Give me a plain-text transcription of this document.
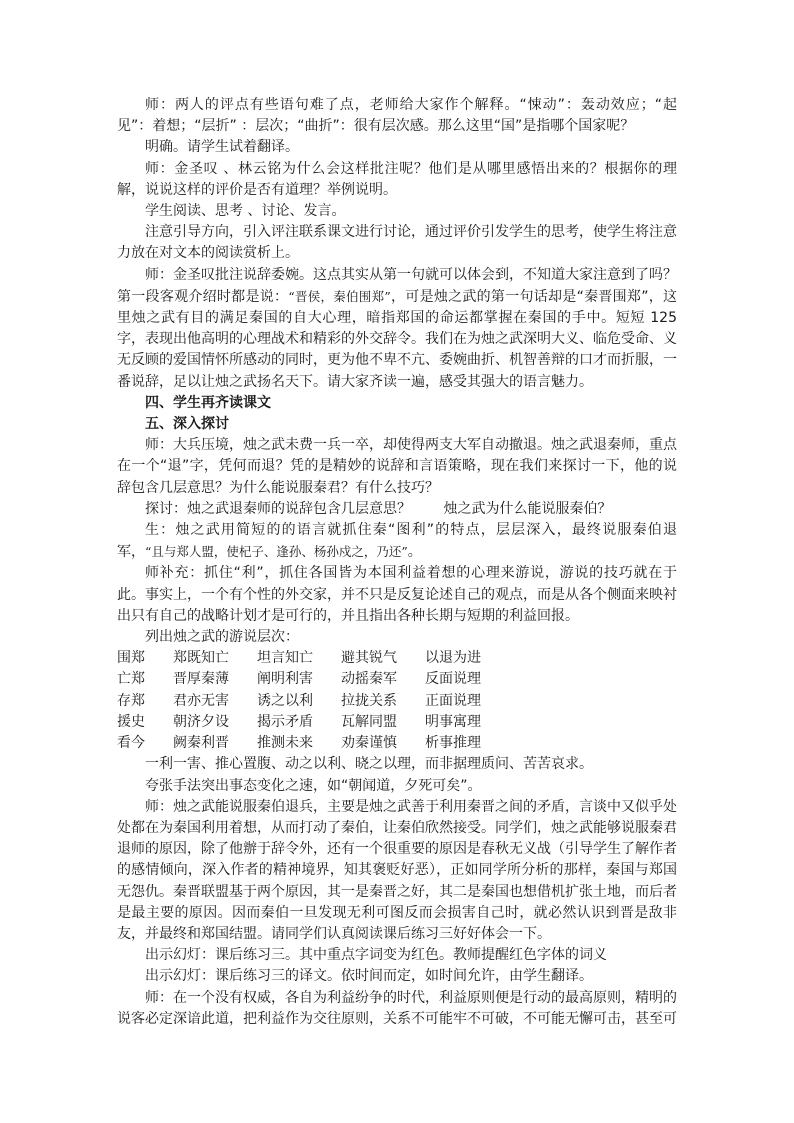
师：两人的评点有些语句难了点，老师给大家作个解释。“悚动”：轰动效应；“起见”：着想；“层折” ：层次；“曲折”：很有层次感。那么这里“国”是指哪个国家呢？

明确。请学生试着翻译。

师：金圣叹 、林云铭为什么会这样批注呢？他们是从哪里感悟出来的？根据你的理解，说说这样的评价是否有道理？举例说明。

学生阅读、思考 、讨论、发言。

注意引导方向，引入评注联系课文进行讨论，通过评价引发学生的思考，使学生将注意力放在对文本的阅读赏析上。

师：金圣叹批注说辞委婉。这点其实从第一句就可以体会到，不知道大家注意到了吗？第一段客观介绍时都是说：“晋侯，秦伯围郑”，可是烛之武的第一句话却是“秦晋围郑”，这里烛之武有目的满足秦国的自大心理，暗指郑国的命运都掌握在秦国的手中。短短 125字，表现出他高明的心理战术和精彩的外交辞令。我们在为烛之武深明大义、临危受命、义无反顾的爱国情怀所感动的同时，更为他不卑不亢、委婉曲折、机智善辩的口才而折服，一番说辞，足以让烛之武扬名天下。请大家齐读一遍，感受其强大的语言魅力。

四、学生再齐读课文

五、深入探讨

师：大兵压境，烛之武未费一兵一卒，却使得两支大军自动撤退。烛之武退秦师，重点在一个“退”字，凭何而退？凭的是精妙的说辞和言语策略，现在我们来探讨一下，他的说辞包含几层意思？为什么能说服秦君？有什么技巧？

探讨：烛之武退秦师的说辞包含几层意思？　　 烛之武为什么能说服秦伯？

生：烛之武用简短的的语言就抓住秦“图利”的特点，层层深入，最终说服秦伯退军，“且与郑人盟，使杞子、逢孙、杨孙戍之，乃还”。

师补充：抓住“利”，抓住各国皆为本国利益着想的心理来游说，游说的技巧就在于此。事实上，一个有个性的外交家，并不只是反复论述自己的观点，而是从各个侧面来映衬出只有自己的战略计划才是可行的，并且指出各种长期与短期的利益回报。

列出烛之武的游说层次：

围郑 郑既知亡 坦言知亡 避其锐气 以退为进

亡郑 晋厚秦薄 阐明利害 动摇秦军 反面说理

存郑 君亦无害 诱之以利 拉拢关系 正面说理

援史 朝济夕设 揭示矛盾 瓦解同盟 明事寓理

看今 阙秦利晋 推测未来 劝秦谨慎 析事推理

一利一害、推心置腹、动之以利、晓之以理，而非据理质问、苦苦哀求。

夸张手法突出事态变化之速，如“朝闻道，夕死可矣”。

师：烛之武能说服秦伯退兵，主要是烛之武善于利用秦晋之间的矛盾，言谈中又似乎处处都在为秦国利用着想，从而打动了秦伯，让秦伯欣然接受。同学们，烛之武能够说服秦君退师的原因，除了他辦于辞令外，还有一个很重要的原因是春秋无义战（引导学生了解作者的感情倾向，深入作者的精神境界，知其褒贬好恶），正如同学所分析的那样，秦国与郑国无怨仇。秦晋联盟基于两个原因，其一是秦晋之好，其二是秦国也想借机扩张土地，而后者是最主要的原因。因而秦伯一旦发现无利可图反而会损害自己时，就必然认识到晋是敌非友，并最终和郑国结盟。请同学们认真阅读课后练习三好好体会一下。

出示幻灯：课后练习三。其中重点字词变为红色。教师提醒红色字体的词义

出示幻灯：课后练习三的译文。依时间而定，如时间允许，由学生翻译。

师：在一个没有权威，各自为利益纷争的时代，利益原则便是行动的最高原则，精明的说客必定深谙此道，把利益作为交往原则，关系不可能牢不可破，不可能无懈可击，甚至可
